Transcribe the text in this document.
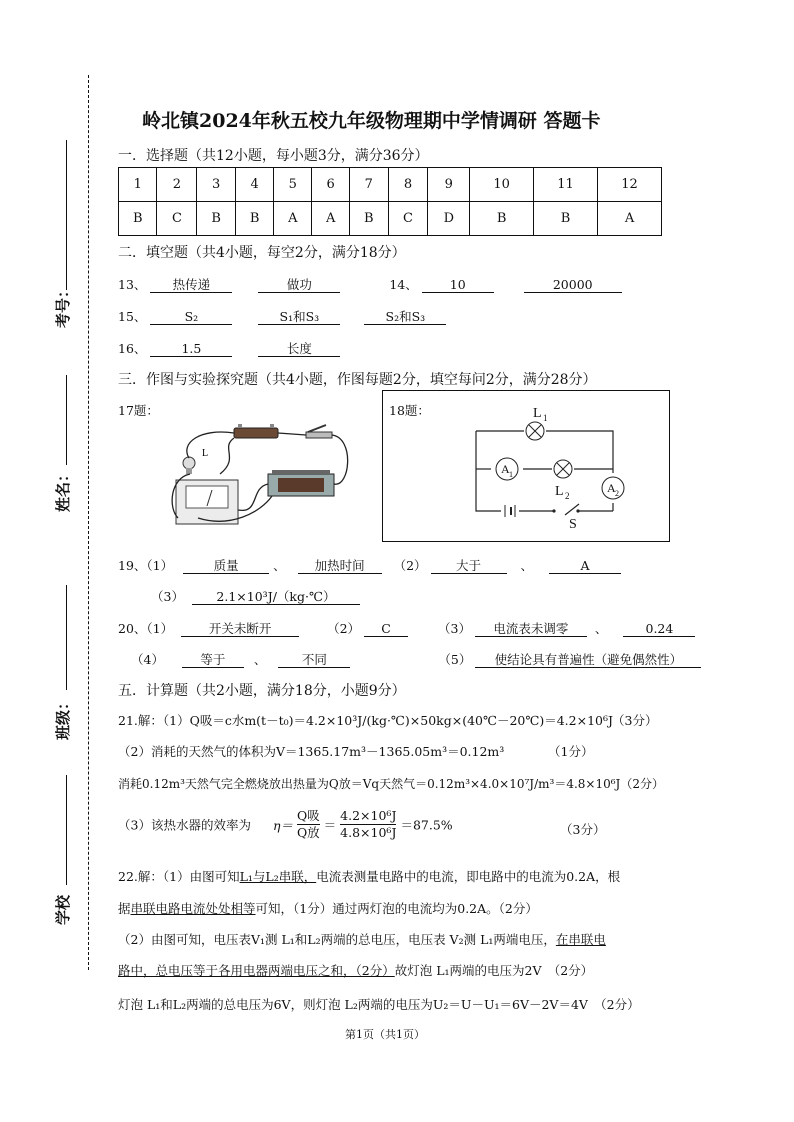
考号：
姓名：
班级：
学校
岭北镇2024年秋五校九年级物理期中学情调研 答题卡
一．选择题（共12小题，每小题3分，满分36分）
1	2	3	4	5	6	7	8	9	10	11	12
B	C	B	B	A	A	B	C	D	B	B	A
二．填空题（共4小题，每空2分，满分18分）
13、 热传递	做功	14、	10	20000
15、	S₂	S₁和S₃	S₂和S₃
16、	1.5	长度
三．作图与实验探究题（共4小题，作图每题2分，填空每问2分，满分28分）
17题：
L
18题：	L 1
A 1
L 2
A 2
S
19、（1）	质量	、 加热时间 （2） 大于	、	A
（3）	2.1×10³J/（kg·℃）
20、（1）	开关未断开	（2） C	（3） 电流表未调零 、	0.24
（4）	等于 、	不同	（5） 使结论具有普遍性（避免偶然性）
五．计算题（共2小题，满分18分，小题9分）
21.解：（1）Q吸＝c水m(t－t₀)＝4.2×10³J/(kg·℃)×50kg×(40℃－20℃)＝4.2×10⁶J
（3分）
（2）消耗的天然气的体积为V＝1365.17m³－1365.05m³＝0.12m³	（1分）
消耗0.12m³天然气完全燃烧放出热量为Q放＝Vq天然气＝0.12m³×4.0×10⁷J/m³＝4.8×10⁶J（2分）
（3）该热水器的效率为 $\eta= \frac{\text{Q吸}}{\text{Q放}} = \frac{\text{4.2×10⁶J}}{\text{4.8×10⁶J}} =87.5\%$	（3分）
22.解：（1）由图可知L₁与L₂串联，电流表测量电路中的电流，即电路中的电流为0.2A，根
据串联电路电流处处相等可知，（1分）通过两灯泡的电流均为0.2A。（2分）
（2）由图可知，电压表V₁测 L₁和L₂两端的总电压，电压表 V₂测 L₁两端电压，在串联电
路中，总电压等于各用电器两端电压之和，（2分）故灯泡 L₁两端的电压为2V　（2分）
灯泡 L₁和L₂两端的总电压为6V，则灯泡 L₂两端的电压为U₂＝U－U₁＝6V－2V＝4V　（2分）
第1页（共1页）
